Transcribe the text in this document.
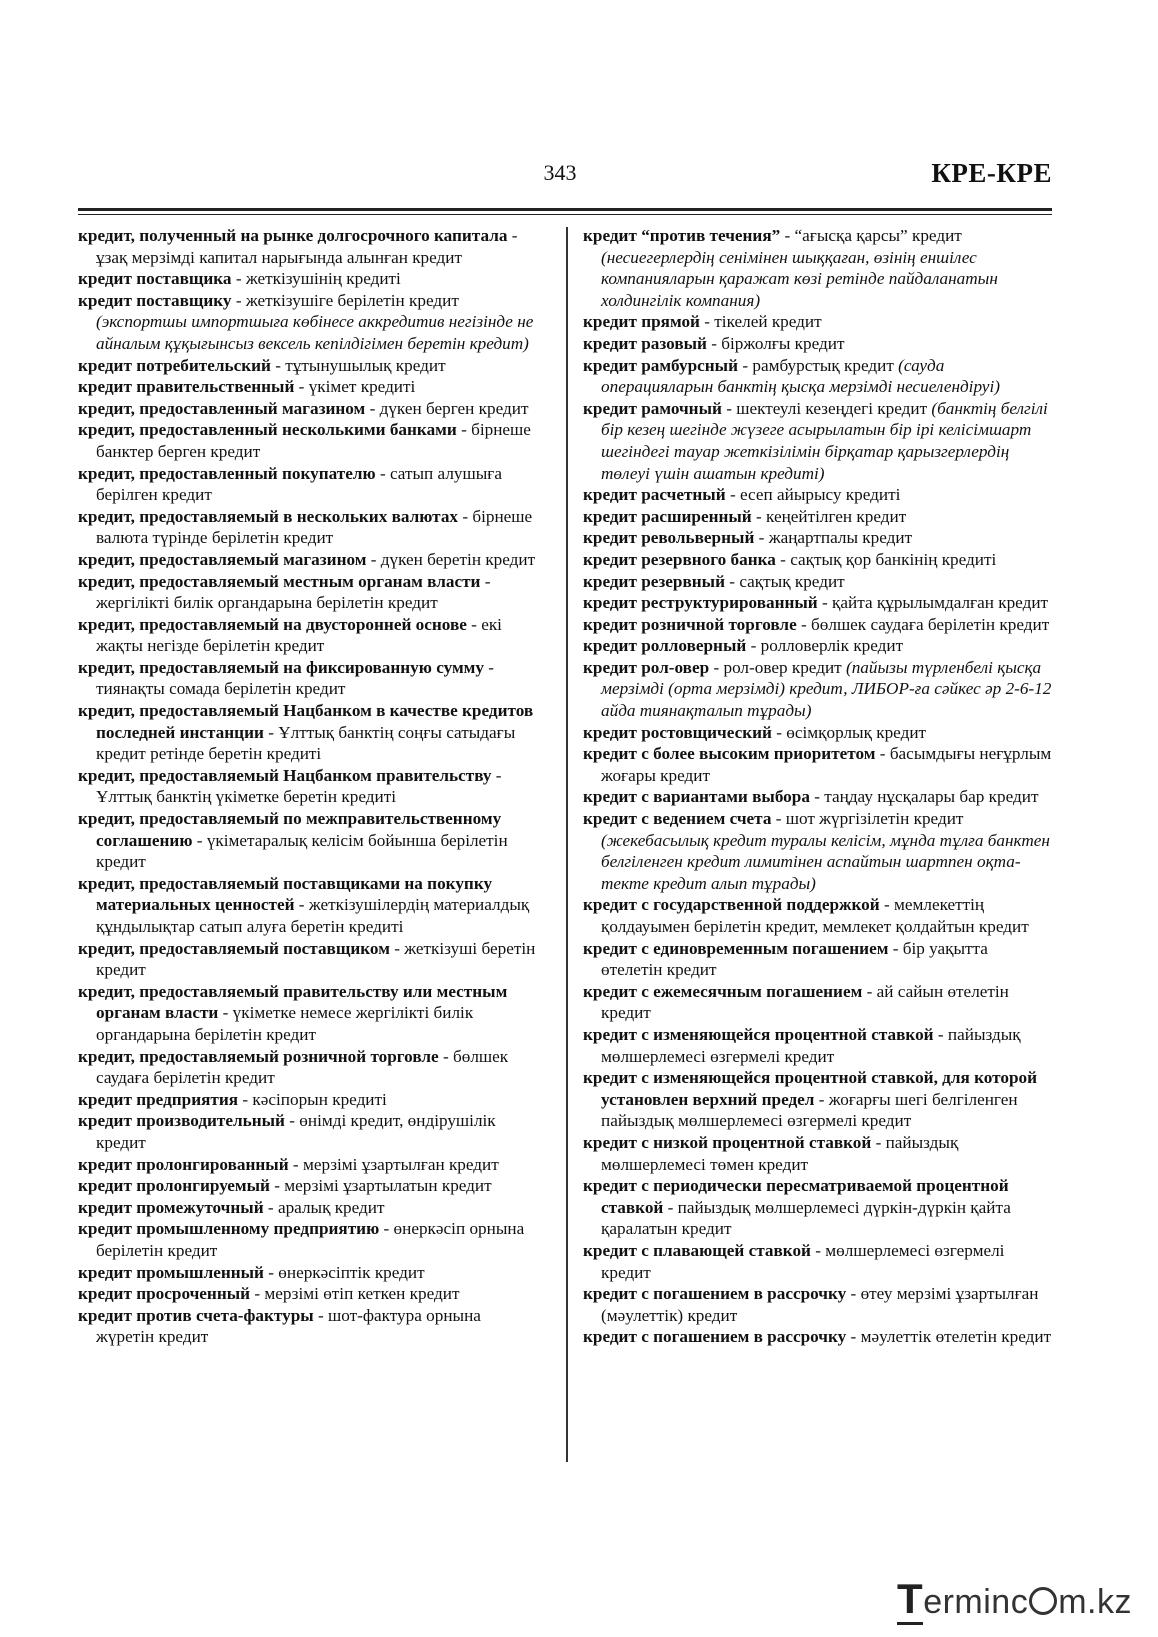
343	КРЕ-КРЕ

кредит, полученный на рынке долгосрочного капитала - ұзақ мерзімді капитал нарығында алынған кредит

кредит поставщика - жеткізушінің кредиті

кредит поставщику - жеткізушіге берілетін кредит (экспортшы импортшыға көбінесе аккредитив негізінде не айналым құқығынсыз вексель кепілдігімен беретін кредит)

кредит потребительский - тұтынушылық кредит

кредит правительственный - үкімет кредиті

кредит, предоставленный магазином - дүкен берген кредит

кредит, предоставленный несколькими банками - бірнеше банктер берген кредит

кредит, предоставленный покупателю - сатып алушыға берілген кредит

кредит, предоставляемый в нескольких валютах - бірнеше валюта түрінде берілетін кредит

кредит, предоставляемый магазином - дүкен беретін кредит

кредит, предоставляемый местным органам власти - жергілікті билік органдарына берілетін кредит

кредит, предоставляемый на двусторонней основе - екі жақты негізде берілетін кредит

кредит, предоставляемый на фиксированную сумму - тиянақты сомада берілетін кредит

кредит, предоставляемый Нацбанком в качестве кредитов последней инстанции - Ұлттық банктің соңғы сатыдағы кредит ретінде беретін кредиті

кредит, предоставляемый Нацбанком правительству - Ұлттық банктің үкіметке беретін кредиті

кредит, предоставляемый по межправительственному соглашению - үкіметаралық келісім бойынша берілетін кредит

кредит, предоставляемый поставщиками на покупку материальных ценностей - жеткізушілердің материалдық құндылықтар сатып алуға беретін кредиті

кредит, предоставляемый поставщиком - жеткізуші беретін кредит

кредит, предоставляемый правительству или местным органам власти - үкіметке немесе жергілікті билік органдарына берілетін кредит

кредит, предоставляемый розничной торговле - бөлшек саудаға берілетін кредит

кредит предприятия - кәсіпорын кредиті

кредит производительный - өнімді кредит, өндірушілік кредит

кредит пролонгированный - мерзімі ұзартылған кредит

кредит пролонгируемый - мерзімі ұзартылатын кредит

кредит промежуточный - аралық кредит

кредит промышленному предприятию - өнеркәсіп орнына берілетін кредит

кредит промышленный - өнеркәсіптік кредит

кредит просроченный - мерзімі өтіп кеткен кредит

кредит против счета-фактуры - шот-фактура орнына жүретін кредит

кредит “против течения” - “ағысқа қарсы” кредит (несиегерлердің сенімінен шыққаған, өзінің еншілес компанияларын қаражат көзі ретінде пайдаланатын холдингілік компания)

кредит прямой - тікелей кредит

кредит разовый - біржолғы кредит

кредит рамбурсный - рамбурстық кредит (сауда операцияларын банктің қысқа мерзімді несиелендіруі)

кредит рамочный - шектеулі кезеңдегі кредит (банктің белгілі бір кезең шегінде жүзеге асырылатын бір ірі келісімшарт шегіндегі тауар жеткізілімін бірқатар қарызгерлердің төлеуі үшін ашатын кредиті)

кредит расчетный - есеп айырысу кредиті

кредит расширенный - кеңейтілген кредит

кредит револьверный - жаңартпалы кредит

кредит резервного банка - сақтық қор банкінің кредиті

кредит резервный - сақтық кредит

кредит реструктурированный - қайта құрылымдалған кредит

кредит розничной торговле - бөлшек саудаға берілетін кредит

кредит ролловерный - ролловерлік кредит

кредит рол-овер - рол-овер кредит (пайызы түрленбелі қысқа мерзімді (орта мерзімді) кредит, ЛИБОР-ға сәйкес әр 2-6-12 айда тиянақталып тұрады)

кредит ростовщический - өсімқорлық кредит

кредит с более высоким приоритетом - басымдығы неғұрлым жоғары кредит

кредит с вариантами выбора - таңдау нұсқалары бар кредит

кредит с ведением счета - шот жүргізілетін кредит (жекебасылық кредит туралы келісім, мұнда тұлға банктен белгіленген кредит лимитінен аспайтын шартпен оқта-текте кредит алып тұрады)

кредит с государственной поддержкой - мемлекеттің қолдауымен берілетін кредит, мемлекет қолдайтын кредит

кредит с единовременным погашением - бір уақытта өтелетін кредит

кредит с ежемесячным погашением - ай сайын өтелетін кредит

кредит с изменяющейся процентной ставкой - пайыздық мөлшерлемесі өзгермелі кредит

кредит с изменяющейся процентной ставкой, для которой установлен верхний предел - жоғарғы шегі белгіленген пайыздық мөлшерлемесі өзгермелі кредит

кредит с низкой процентной ставкой - пайыздық мөлшерлемесі төмен кредит

кредит с периодически пересматриваемой процентной ставкой - пайыздық мөлшерлемесі дүркін-дүркін қайта қаралатын кредит

кредит с плавающей ставкой - мөлшерлемесі өзгермелі кредит

кредит с погашением в рассрочку - өтеу мерзімі ұзартылған (мәулеттік) кредит

кредит с погашением в рассрочку - мәулеттік өтелетін кредит

Terminc m.kz
